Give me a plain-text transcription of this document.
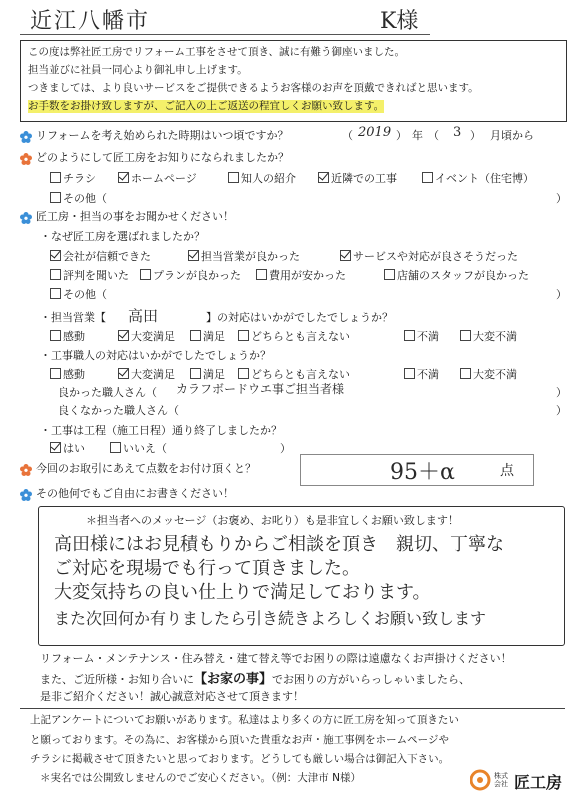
近江八幡市	K様
この度は弊社匠工房でリフォーム工事をさせて頂き、誠に有難う御座いました。
担当並びに社員一同心より御礼申し上げます。
つきましては、より良いサービスをご提供できるようお客様のお声を頂戴できればと思います。
お手数をお掛け致しますが、ご記入の上ご返送の程宜しくお願い致します。
リフォームを考え始められた時期はいつ頃ですか？	（ 2019 ） 年 （ 3 ） 月頃から
どのようにして匠工房をお知りになられましたか？
チラシ	ホームページ	知人の紹介	近隣での工事	イベント（住宅博）
その他（	）
匠工房・担当の事をお聞かせください！
・なぜ匠工房を選ばれましたか？
会社が信頼できた	担当営業が良かった	サービスや対応が良さそうだった
評判を聞いた	プランが良かった	費用が安かった	店舗のスタッフが良かった
その他（	）
・担当営業【 高田	】の対応はいかがでしたでしょうか？
感動	大変満足	満足	どちらとも言えない	不満	大変不満
・工事職人の対応はいかがでしたでしょうか？
感動	大変満足	満足	どちらとも言えない	不満	大変不満
良かった職人さん（ カラフボードウエ事ご担当者様	）
良くなかった職人さん（	）
・工事は工程（施工日程）通り終了しましたか？
はい	いいえ（	）
今回のお取引にあえて点数をお付け頂くと？	95＋α	点
その他何でもご自由にお書きください！
＊担当者へのメッセージ（お褒め、お叱り）も是非宜しくお願い致します！
高田様にはお見積もりからご相談を頂き　親切、丁寧な
ご対応を現場でも行って頂きました。
大変気持ちの良い仕上りで満足しております。
また次回何か有りましたら引き続きよろしくお願い致します
リフォーム・メンテナンス・住み替え・建て替え等でお困りの際は遠慮なくお声掛けください！
また、ご近所様・お知り合いに【お家の事】でお困りの方がいらっしゃいましたら、
是非ご紹介ください！誠心誠意対応させて頂きます！
上記アンケートについてお願いがあります。私達はより多くの方に匠工房を知って頂きたい
と願っております。その為に、お客様から頂いた貴重なお声・施工事例をホームページや
チラシに掲載させて頂きたいと思っております。どうしても厳しい場合は御記入下さい。
＊実名では公開致しませんのでご安心ください。（例：大津市 N様）	株式会社 匠工房
